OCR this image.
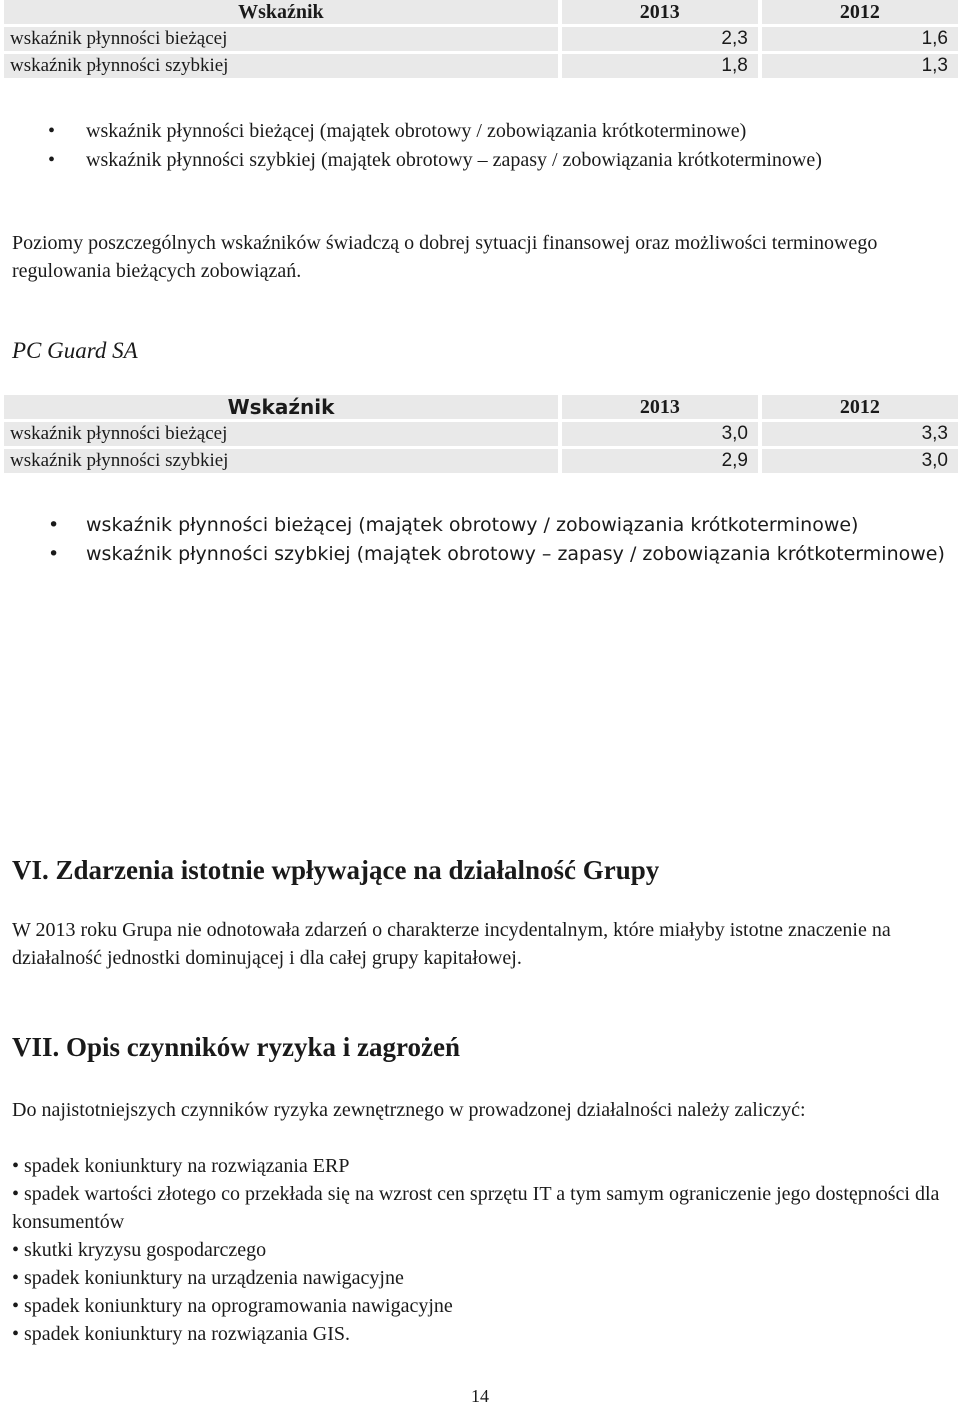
Wskaźnik		2013		2012
wskaźnik płynności bieżącej		2,3		1,6
wskaźnik płynności szybkiej		1,8		1,3
• wskaźnik płynności bieżącej (majątek obrotowy / zobowiązania krótkoterminowe)
• wskaźnik płynności szybkiej (majątek obrotowy – zapasy / zobowiązania krótkoterminowe)

Poziomy poszczególnych wskaźników świadczą o dobrej sytuacji finansowej oraz możliwości terminowego regulowania bieżących zobowiązań.

PC Guard SA

Wskaźnik		2013		2012
wskaźnik płynności bieżącej		3,0		3,3
wskaźnik płynności szybkiej		2,9		3,0
• wskaźnik płynności bieżącej (majątek obrotowy / zobowiązania krótkoterminowe)
• wskaźnik płynności szybkiej (majątek obrotowy – zapasy / zobowiązania krótkoterminowe)
VI. Zdarzenia istotnie wpływające na działalność Grupy

W 2013 roku Grupa nie odnotowała zdarzeń o charakterze incydentalnym, które miałyby istotne znaczenie na działalność jednostki dominującej i dla całej grupy kapitałowej.

VII. Opis czynników ryzyka i zagrożeń

Do najistotniejszych czynników ryzyka zewnętrznego w prowadzonej działalności należy zaliczyć:

• spadek koniunktury na rozwiązania ERP
• spadek wartości złotego co przekłada się na wzrost cen sprzętu IT a tym samym ograniczenie jego dostępności dla konsumentów
• skutki kryzysu gospodarczego
• spadek koniunktury na urządzenia nawigacyjne
• spadek koniunktury na oprogramowania nawigacyjne
• spadek koniunktury na rozwiązania GIS.
14
